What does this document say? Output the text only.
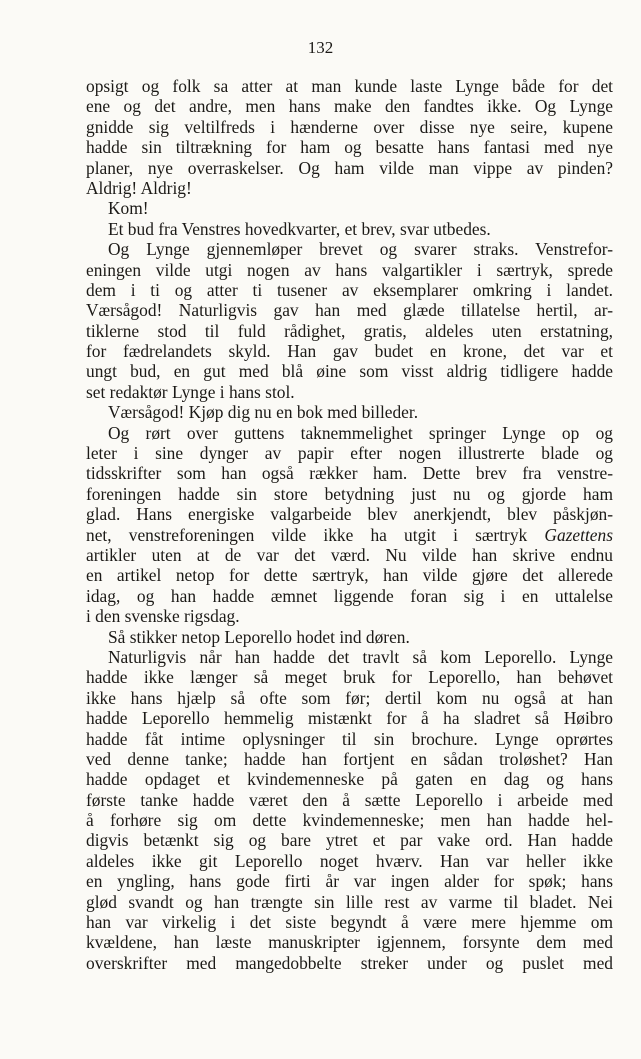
132
opsigt og folk sa atter at man kunde laste Lynge både for det
ene og det andre, men hans make den fandtes ikke. Og Lynge
gnidde sig veltilfreds i hænderne over disse nye seire, kupene
hadde sin tiltrækning for ham og besatte hans fantasi med nye
planer, nye overraskelser. Og ham vilde man vippe av pinden?
Aldrig! Aldrig!
Kom!
Et bud fra Venstres hovedkvarter, et brev, svar utbedes.
Og Lynge gjennemløper brevet og svarer straks. Venstrefor-
eningen vilde utgi nogen av hans valgartikler i særtryk, sprede
dem i ti og atter ti tusener av eksemplarer omkring i landet.
Værsågod! Naturligvis gav han med glæde tillatelse hertil, ar-
tiklerne stod til fuld rådighet, gratis, aldeles uten erstatning,
for fædrelandets skyld. Han gav budet en krone, det var et
ungt bud, en gut med blå øine som visst aldrig tidligere hadde
set redaktør Lynge i hans stol.
Værsågod! Kjøp dig nu en bok med billeder.
Og rørt over guttens taknemmelighet springer Lynge op og
leter i sine dynger av papir efter nogen illustrerte blade og
tidsskrifter som han også rækker ham. Dette brev fra venstre-
foreningen hadde sin store betydning just nu og gjorde ham
glad. Hans energiske valgarbeide blev anerkjendt, blev påskjøn-
net, venstreforeningen vilde ikke ha utgit i særtryk Gazettens
artikler uten at de var det værd. Nu vilde han skrive endnu
en artikel netop for dette særtryk, han vilde gjøre det allerede
idag, og han hadde æmnet liggende foran sig i en uttalelse
i den svenske rigsdag.
Så stikker netop Leporello hodet ind døren.
Naturligvis når han hadde det travlt så kom Leporello. Lynge
hadde ikke længer så meget bruk for Leporello, han behøvet
ikke hans hjælp så ofte som før; dertil kom nu også at han
hadde Leporello hemmelig mistænkt for å ha sladret så Høibro
hadde fåt intime oplysninger til sin brochure. Lynge oprørtes
ved denne tanke; hadde han fortjent en sådan troløshet? Han
hadde opdaget et kvindemenneske på gaten en dag og hans
første tanke hadde været den å sætte Leporello i arbeide med
å forhøre sig om dette kvindemenneske; men han hadde hel-
digvis betænkt sig og bare ytret et par vake ord. Han hadde
aldeles ikke git Leporello noget hværv. Han var heller ikke
en yngling, hans gode firti år var ingen alder for spøk; hans
glød svandt og han trængte sin lille rest av varme til bladet. Nei
han var virkelig i det siste begyndt å være mere hjemme om
kvældene, han læste manuskripter igjennem, forsynte dem med
overskrifter med mangedobbelte streker under og puslet med
